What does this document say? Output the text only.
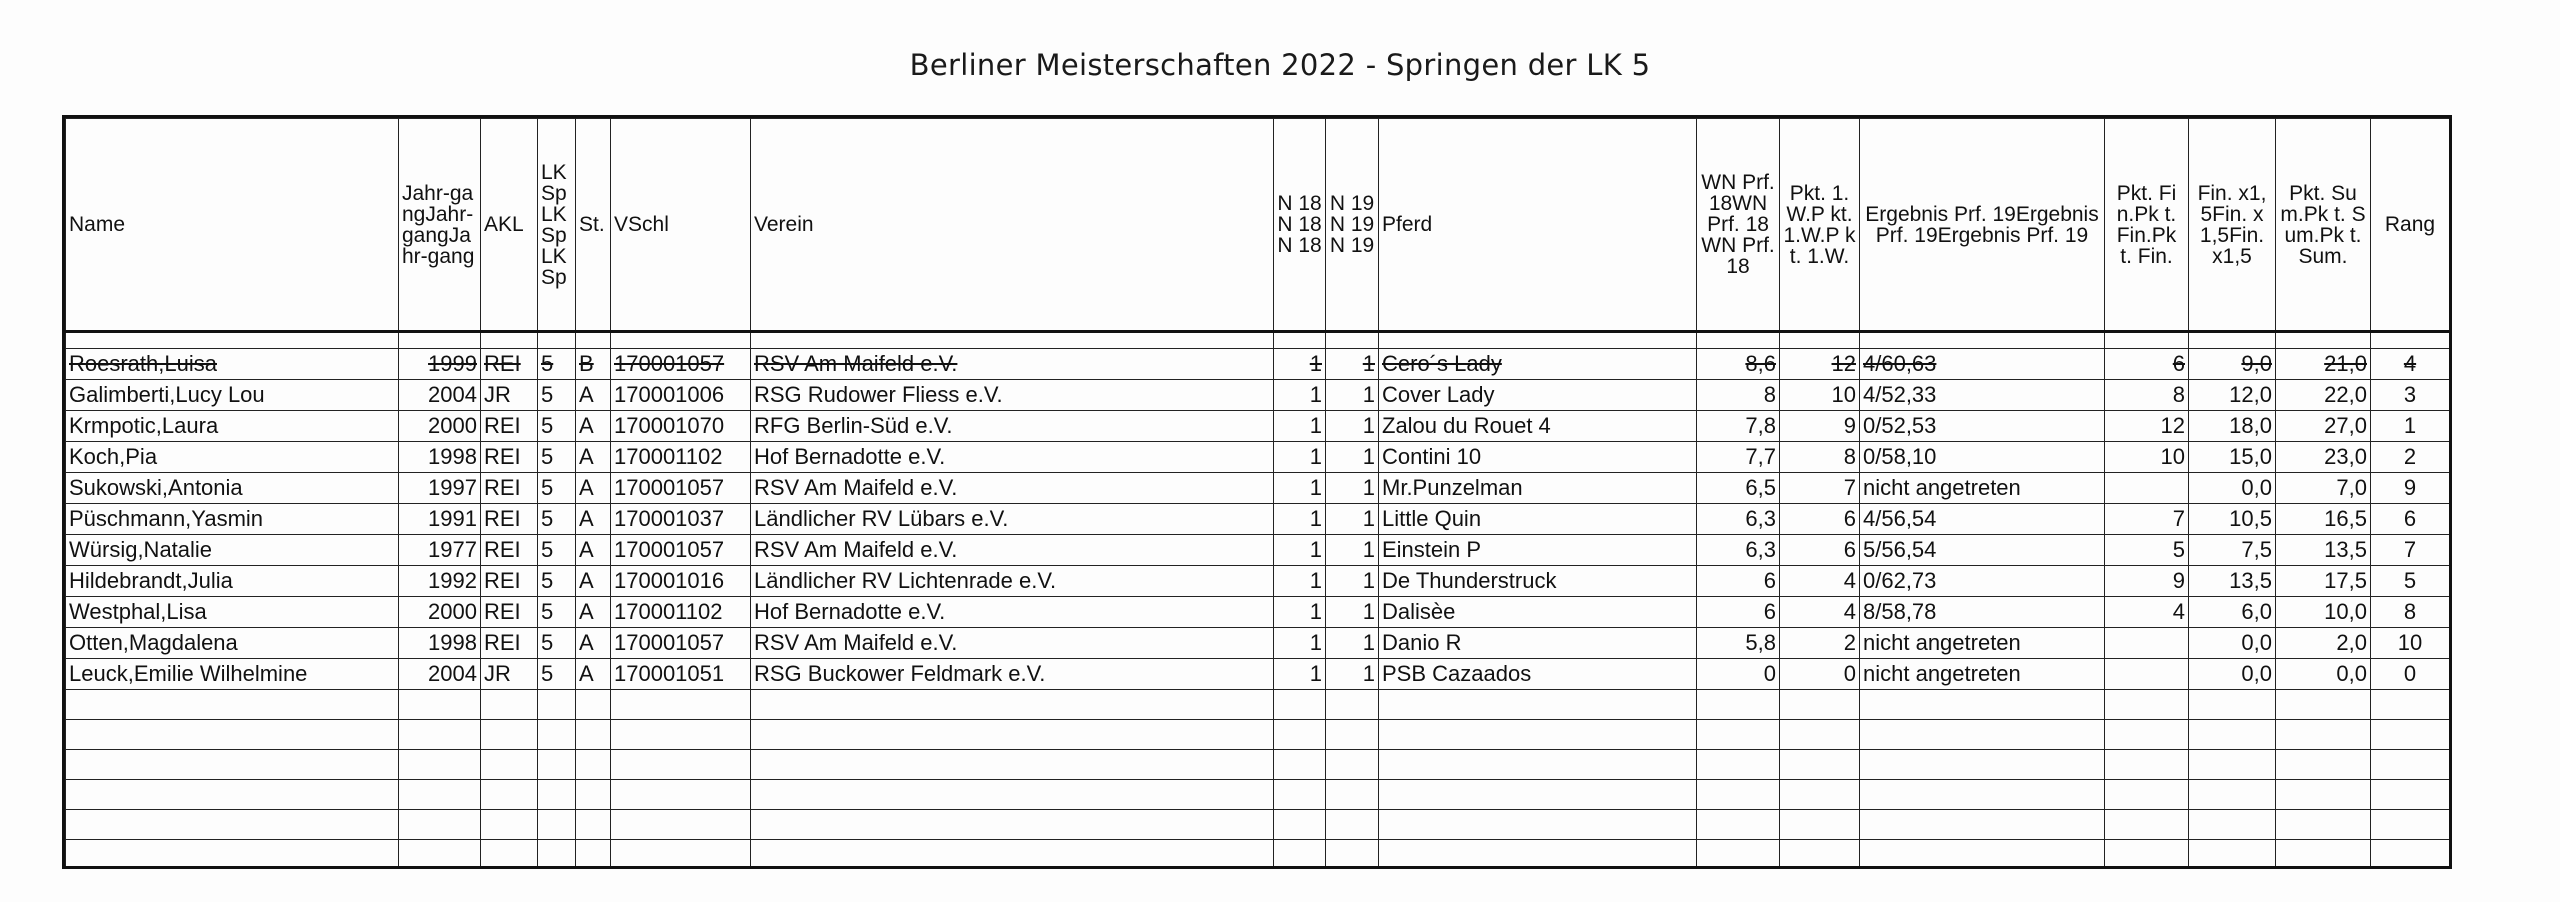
Berliner Meisterschaften 2022 - Springen der LK 5
Name	Jahr-gangJahr-gangJahr-gang	AKL	LK Sp LK Sp LK Sp	St.	VSchl	Verein	N 18N 18N 18	N 19N 19N 19	Pferd	WN Prf. 18WN Prf. 18WN Prf. 18	Pkt. 1.W.P kt. 1.W.P kt. 1.W.	Ergebnis Prf. 19Ergebnis Prf. 19Ergebnis Prf. 19	Pkt. Fin.Pk t. Fin.Pk t. Fin.	Fin. x1,5Fin. x1,5Fin. x1,5	Pkt. Sum.Pk t. Sum.Pk t. Sum.	Rang

Roesrath,Luisa	1999	REI	5	B	170001057	RSV Am Maifeld e.V.	1	1	Cero´s Lady	8,6	12	4/60,63	6	9,0	21,0	4
Galimberti,Lucy Lou	2004	JR	5	A	170001006	RSG Rudower Fliess e.V.	1	1	Cover Lady	8	10	4/52,33	8	12,0	22,0	3
Krmpotic,Laura	2000	REI	5	A	170001070	RFG Berlin-Süd e.V.	1	1	Zalou du Rouet 4	7,8	9	0/52,53	12	18,0	27,0	1
Koch,Pia	1998	REI	5	A	170001102	Hof Bernadotte e.V.	1	1	Contini 10	7,7	8	0/58,10	10	15,0	23,0	2
Sukowski,Antonia	1997	REI	5	A	170001057	RSV Am Maifeld e.V.	1	1	Mr.Punzelman	6,5	7	nicht angetreten		0,0	7,0	9
Püschmann,Yasmin	1991	REI	5	A	170001037	Ländlicher RV Lübars e.V.	1	1	Little Quin	6,3	6	4/56,54	7	10,5	16,5	6
Würsig,Natalie	1977	REI	5	A	170001057	RSV Am Maifeld e.V.	1	1	Einstein P	6,3	6	5/56,54	5	7,5	13,5	7
Hildebrandt,Julia	1992	REI	5	A	170001016	Ländlicher RV Lichtenrade e.V.	1	1	De Thunderstruck	6	4	0/62,73	9	13,5	17,5	5
Westphal,Lisa	2000	REI	5	A	170001102	Hof Bernadotte e.V.	1	1	Dalisèe	6	4	8/58,78	4	6,0	10,0	8
Otten,Magdalena	1998	REI	5	A	170001057	RSV Am Maifeld e.V.	1	1	Danio R	5,8	2	nicht angetreten		0,0	2,0	10
Leuck,Emilie Wilhelmine	2004	JR	5	A	170001051	RSG Buckower Feldmark e.V.	1	1	PSB Cazaados	0	0	nicht angetreten		0,0	0,0	0
